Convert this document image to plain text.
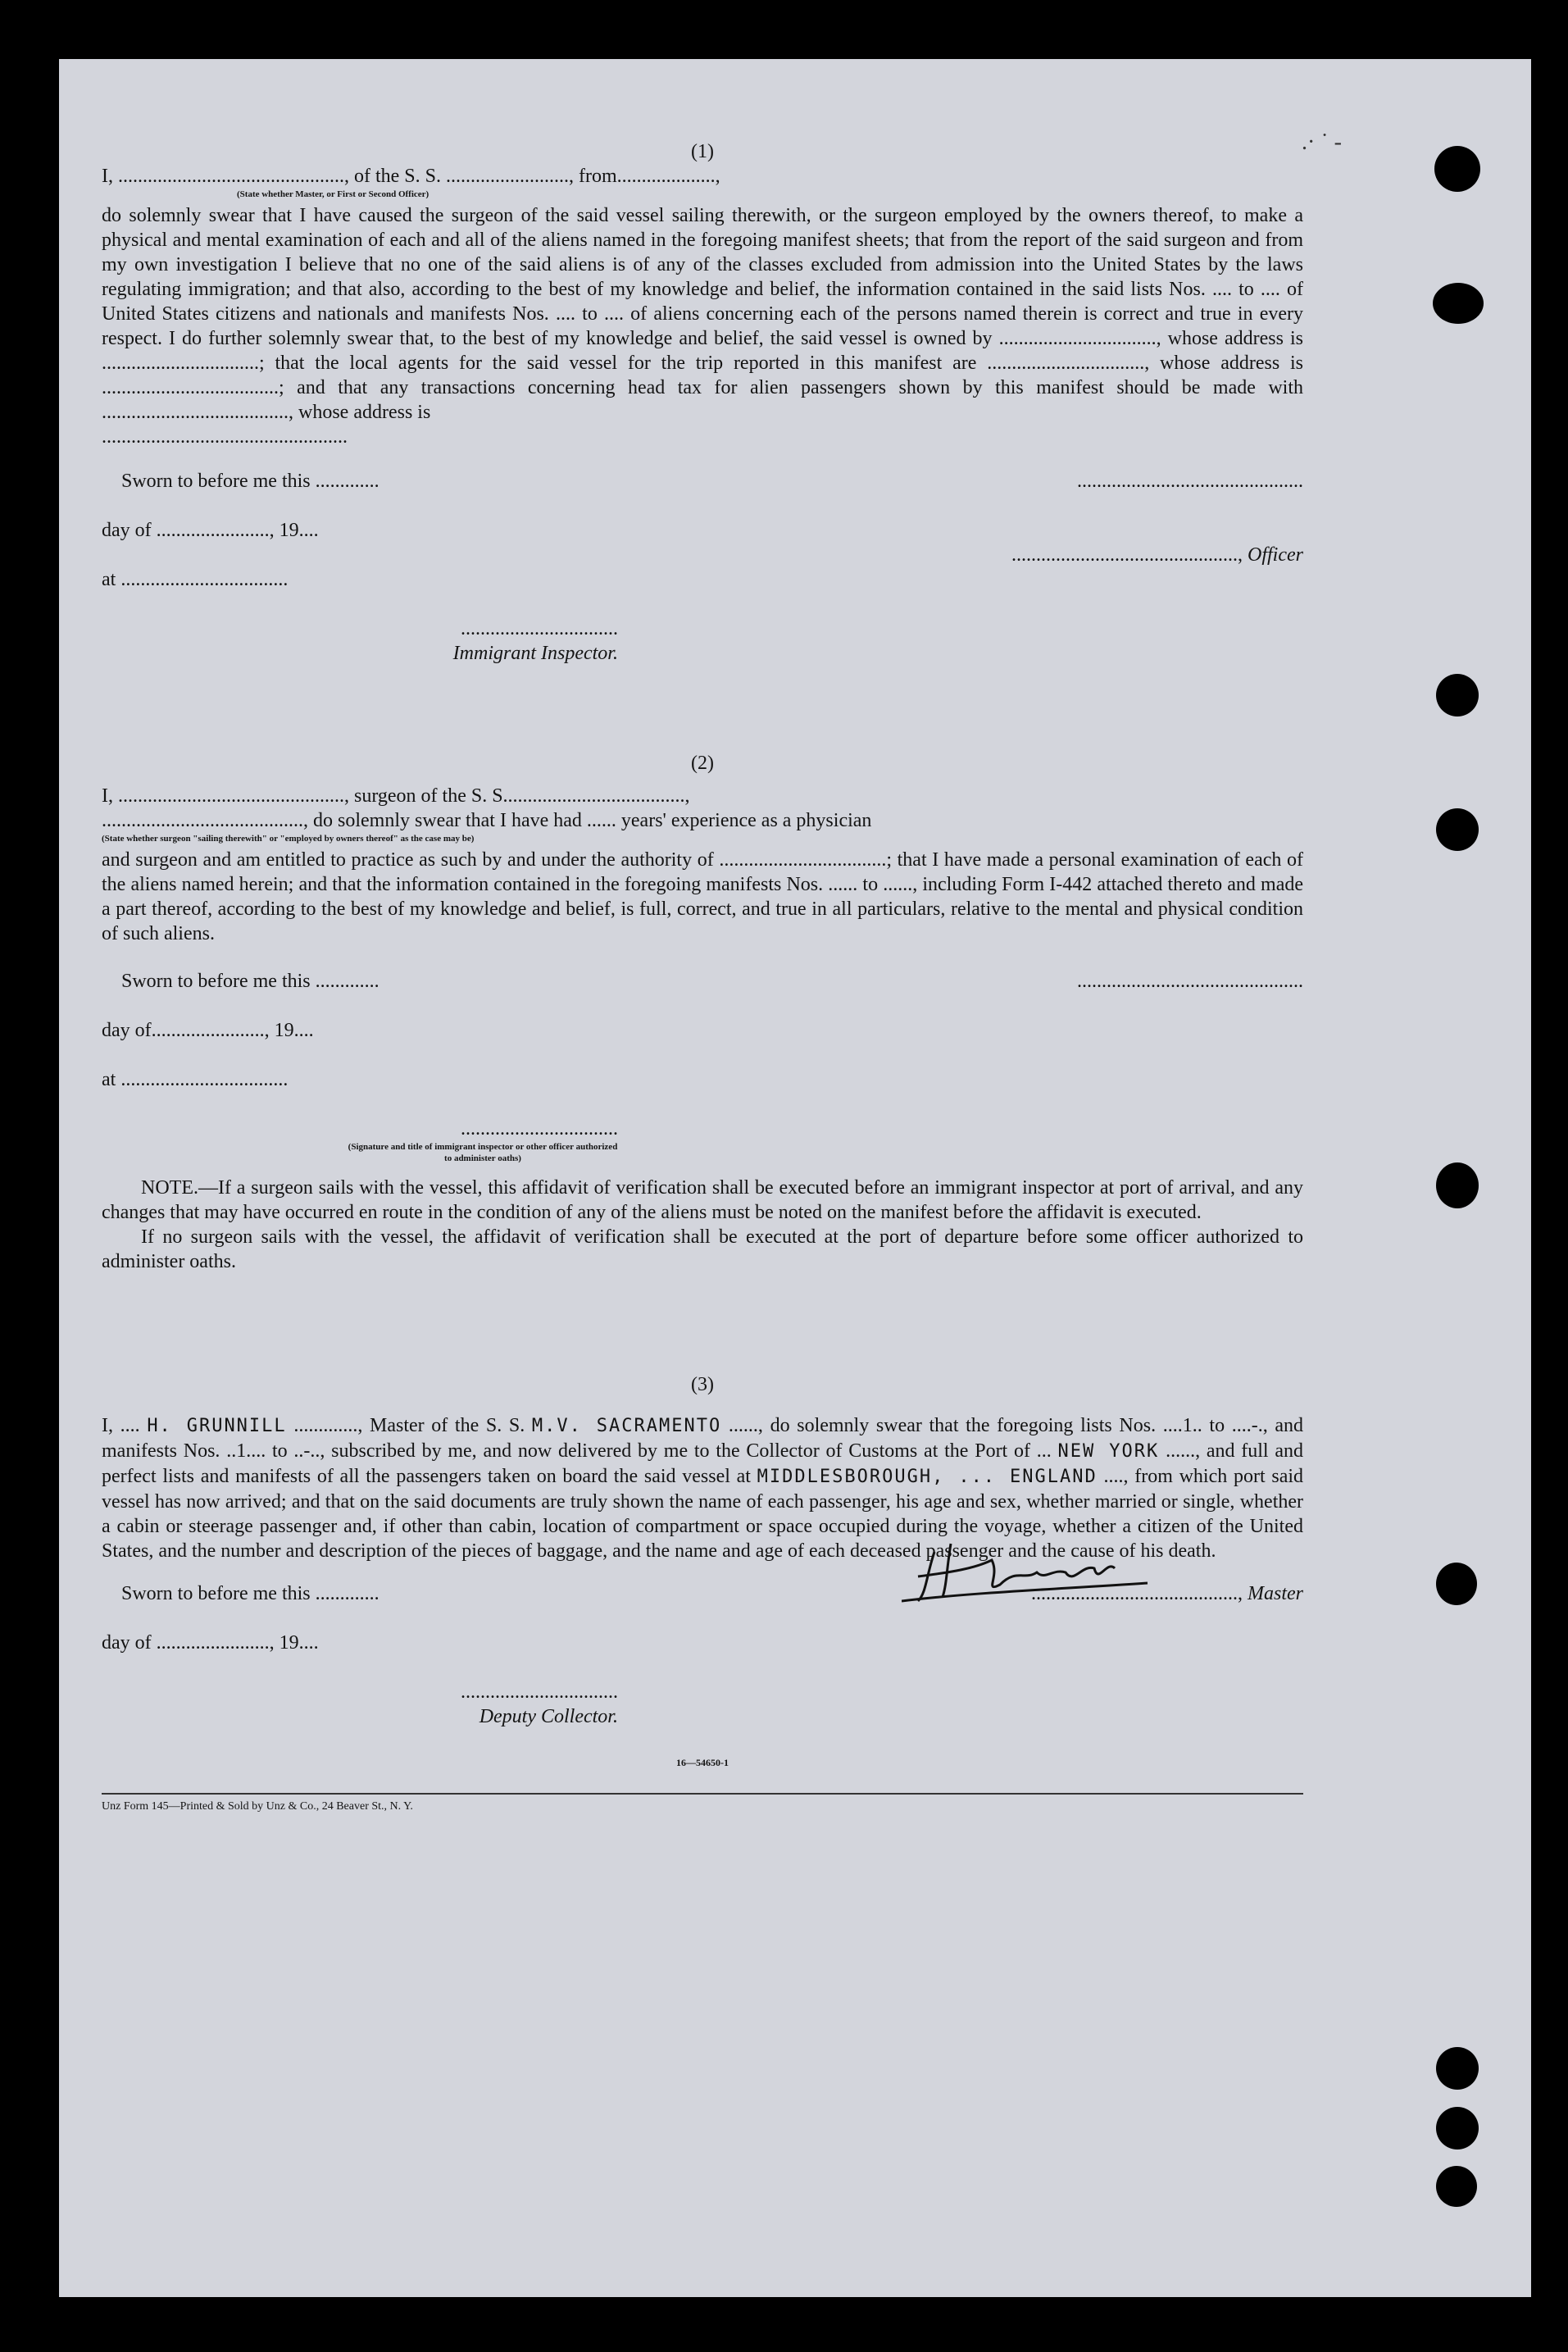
.· ˙ -
(1)
I, .............................................., of the S. S. ........................., from....................,
(State whether Master, or First or Second Officer)

do solemnly swear that I have caused the surgeon of the said vessel sailing therewith, or the surgeon employed by the owners thereof, to make a physical and mental examination of each and all of the aliens named in the foregoing manifest sheets; that from the report of the said surgeon and from my own investigation I believe that no one of the said aliens is of any of the classes excluded from admission into the United States by the laws regulating immigration; and that also, according to the best of my knowledge and belief, the information contained in the said lists Nos. .... to .... of United States citizens and nationals and manifests Nos. .... to .... of aliens concerning each of the persons named therein is correct and true in every respect. I do further solemnly swear that, to the best of my knowledge and belief, the said vessel is owned by ................................, whose address is ................................; that the local agents for the said vessel for the trip reported in this manifest are ................................, whose address is ....................................; and that any transactions concerning head tax for alien passengers shown by this manifest should be made with ......................................, whose address is

..................................................
Sworn to before me this .............
day of ......................., 19....
at ..................................
................................
Immigrant Inspector.
..............................................
.............................................., Officer
(2)
I, .............................................., surgeon of the S. S.....................................,
........................................., do solemnly swear that I have had ...... years' experience as a physician
(State whether surgeon "sailing therewith" or "employed by owners thereof" as the case may be)

and surgeon and am entitled to practice as such by and under the authority of ..................................; that I have made a personal examination of each of the aliens named herein; and that the information contained in the foregoing manifests Nos. ...... to ......, including Form I-442 attached thereto and made a part thereof, according to the best of my knowledge and belief, is full, correct, and true in all particulars, relative to the mental and physical condition of such aliens.

Sworn to before me this .............
day of......................., 19....
at ..................................
................................
(Signature and title of immigrant inspector or other officer authorized to administer oaths)
..............................................

NOTE.—If a surgeon sails with the vessel, this affidavit of verification shall be executed before an immigrant inspector at port of arrival, and any changes that may have occurred en route in the condition of any of the aliens must be noted on the manifest before the affidavit is executed.

If no surgeon sails with the vessel, the affidavit of verification shall be executed at the port of departure before some officer authorized to administer oaths.

(3)

I, .... H. GRUNNILL ............., Master of the S. S. M.V. SACRAMENTO ......, do solemnly swear that the foregoing lists Nos. ....1.. to ....-., and manifests Nos. ..1.... to ..-.., subscribed by me, and now delivered by me to the Collector of Customs at the Port of ... NEW YORK ......, and full and perfect lists and manifests of all the passengers taken on board the said vessel at MIDDLESBOROUGH, ... ENGLAND ...., from which port said vessel has now arrived; and that on the said documents are truly shown the name of each passenger, his age and sex, whether married or single, whether a cabin or steerage passenger and, if other than cabin, location of compartment or space occupied during the voyage, whether a citizen of the United States, and the number and description of the pieces of baggage, and the name and age of each deceased passenger and the cause of his death.

Sworn to before me this .............
day of ......................., 19....
................................
Deputy Collector.
.........................................., Master
16—54650-1
Unz Form 145—Printed & Sold by Unz & Co., 24 Beaver St., N. Y.
